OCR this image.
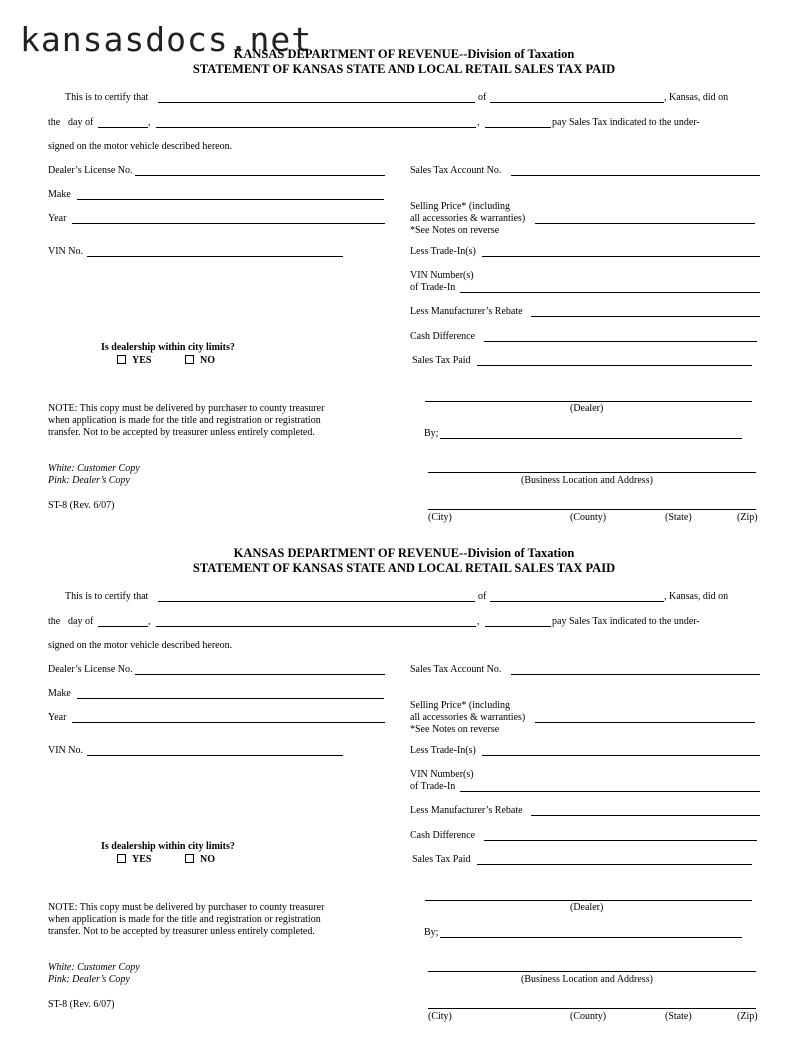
kansasdocs.net
KANSAS DEPARTMENT OF REVENUE--Division of Taxation
STATEMENT OF KANSAS STATE AND LOCAL RETAIL SALES TAX PAID
This is to certify that	of	, Kansas, did on
the day of	,	,	pay Sales Tax indicated to the under-
signed on the motor vehicle described hereon.
Dealer’s License No.
Make
Year
VIN No.
Sales Tax Account No.
Selling Price* (including
all accessories & warranties)
*See Notes on reverse
Less Trade-In(s)
VIN Number(s)
of Trade-In
Less Manufacturer’s Rebate
Cash Difference
Sales Tax Paid
Is dealership within city limits?
YES	NO
NOTE: This copy must be delivered by purchaser to county treasurer
when application is made for the title and registration or registration
transfer. Not to be accepted by treasurer unless entirely completed.
(Dealer)
By;
(Business Location and Address)
White: Customer Copy
Pink: Dealer’s Copy
ST-8 (Rev. 6/07)
(City)	(County)	(State)	(Zip)
KANSAS DEPARTMENT OF REVENUE--Division of Taxation
STATEMENT OF KANSAS STATE AND LOCAL RETAIL SALES TAX PAID
This is to certify that	of	, Kansas, did on
the day of	,	,	pay Sales Tax indicated to the under-
signed on the motor vehicle described hereon.
Dealer’s License No.
Make
Year
VIN No.
Sales Tax Account No.
Selling Price* (including
all accessories & warranties)
*See Notes on reverse
Less Trade-In(s)
VIN Number(s)
of Trade-In
Less Manufacturer’s Rebate
Cash Difference
Sales Tax Paid
Is dealership within city limits?
YES	NO
NOTE: This copy must be delivered by purchaser to county treasurer
when application is made for the title and registration or registration
transfer. Not to be accepted by treasurer unless entirely completed.
(Dealer)
By;
(Business Location and Address)
White: Customer Copy
Pink: Dealer’s Copy
ST-8 (Rev. 6/07)
(City)	(County)	(State)	(Zip)
